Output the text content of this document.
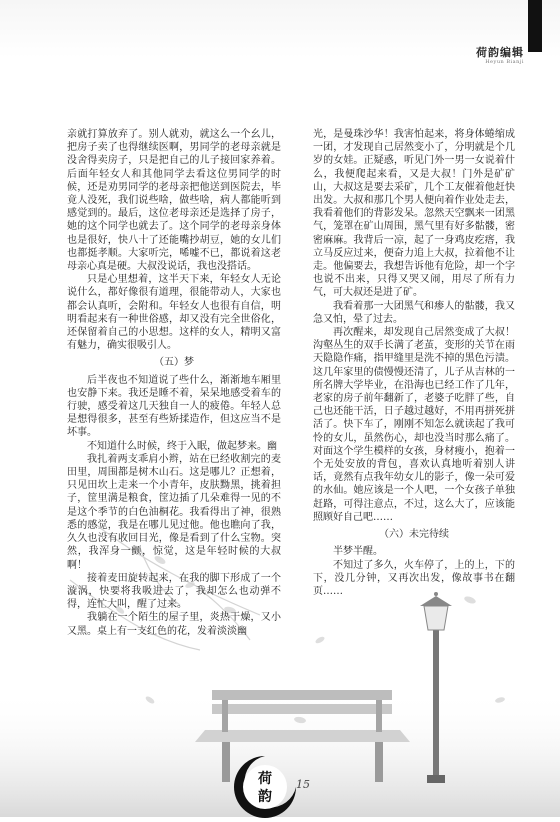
荷韵编辑
Heyun Bianji

亲就打算放弃了。别人就劝，就这么一个幺儿，把房子卖了也得继续医啊，男同学的老母亲就是没舍得卖房子，只是把自己的儿子接回家养着。后面年轻女人和其他同学去看这位男同学的时候，还是劝男同学的老母亲把他送到医院去，毕竟人没死，我们说些啥，做些啥，病人都能听到感觉到的。最后，这位老母亲还是选择了房子，她的这个同学也就去了。这个同学的老母亲身体也是很好，快八十了还能嘴抄胡豆，她的女儿们也都挺孝顺。大家听完，唏嘘不已，都说着这老母亲心真是硬。大叔没说话，我也没搭话。

只是心里想着，这半天下来，年轻女人无论说什么，都好像很有道理，很能带动人，大家也都会认真听，会附和。年轻女人也很有自信，明明看起来有一种世俗感，却又没有完全世俗化，还保留着自己的小思想。这样的女人，精明又富有魅力，确实很吸引人。

（五）梦

后半夜也不知道说了些什么，渐渐地车厢里也安静下来。我还是睡不着，呆呆地感受着车的行驶，感受着这几天独自一人的疲倦。年轻人总是想得很多，甚至有些矫揉造作，但这应当不是坏事。

不知道什么时候，终于入眠，做起梦来。幽

我扎着两支乖肩小辫，站在已经收割完的麦田里，周围都是树木山石。这是哪儿？正想着，只见田坎上走来一个小青年，皮肤黝黑，挑着担子，筐里满是粮食，筐边插了几朵难得一见的不是这个季节的白色油桐花。我看得出了神，很熟悉的感觉，我是在哪儿见过他。他也瞧向了我，久久也没有收回目光，像是看到了什么宝物。突然，我浑身一颤，惊觉，这是年轻时候的大叔啊！

接着麦田旋转起来，在我的脚下形成了一个漩涡，快要将我吸进去了，我却怎么也动弹不得，连忙大叫，醒了过来。

我躺在一个陌生的屋子里，炎热干燥，又小又黑。桌上有一支红色的花，发着淡淡幽

光，是曼珠沙华！我害怕起来，将身体蜷缩成一团，才发现自己居然变小了，分明就是个几岁的女娃。正疑惑，听见门外一男一女说着什么，我便爬起来看，又是大叔！门外是矿矿山，大叔这是要去采矿，几个工友催着他赶快出发。大叔和那几个男人便向着作业处走去，我看着他们的背影发呆。忽然天空飘来一团黑气，笼罩在矿山周围，黑气里有好多骷髅，密密麻麻。我背后一凉，起了一身鸡皮疙瘩，我立马反应过来，便奋力追上大叔，拉着他不让走。他偏要去，我想告诉他有危险，却一个字也说不出来，只得又哭又闹，用尽了所有力气，可大叔还是进了矿。

我看着那一大团黑气和瘆人的骷髅，我又急又怕，晕了过去。

再次醒来，却发现自己居然变成了大叔！沟壑丛生的双手长满了老茧，变形的关节在雨天隐隐作痛，指甲缝里是洗不掉的黑色污渍。这几年家里的债慢慢还清了，儿子从吉林的一所名牌大学毕业，在沿海也已经工作了几年，老家的房子前年翻新了，老婆子吃胖了些，自己也还能干活，日子越过越好，不用再拼死拼活了。快下车了，刚刚不知怎么就读起了我可怜的女儿，虽然伤心，却也没当时那么痛了。对面这个学生模样的女孩，身材瘦小，抱着一个无处安放的背包，喜欢认真地听着别人讲话，竟然有点我年幼女儿的影子，像一朵可爱的水仙。她应该是一个人吧，一个女孩子单独赶路，可得注意点，不过，这么大了，应该能照顾好自己吧……

（六）未完待续

半梦半醒。

不知过了多久，火车停了，上的上，下的下，没几分钟，又再次出发，像故事书在翻页……

荷
韵
15
